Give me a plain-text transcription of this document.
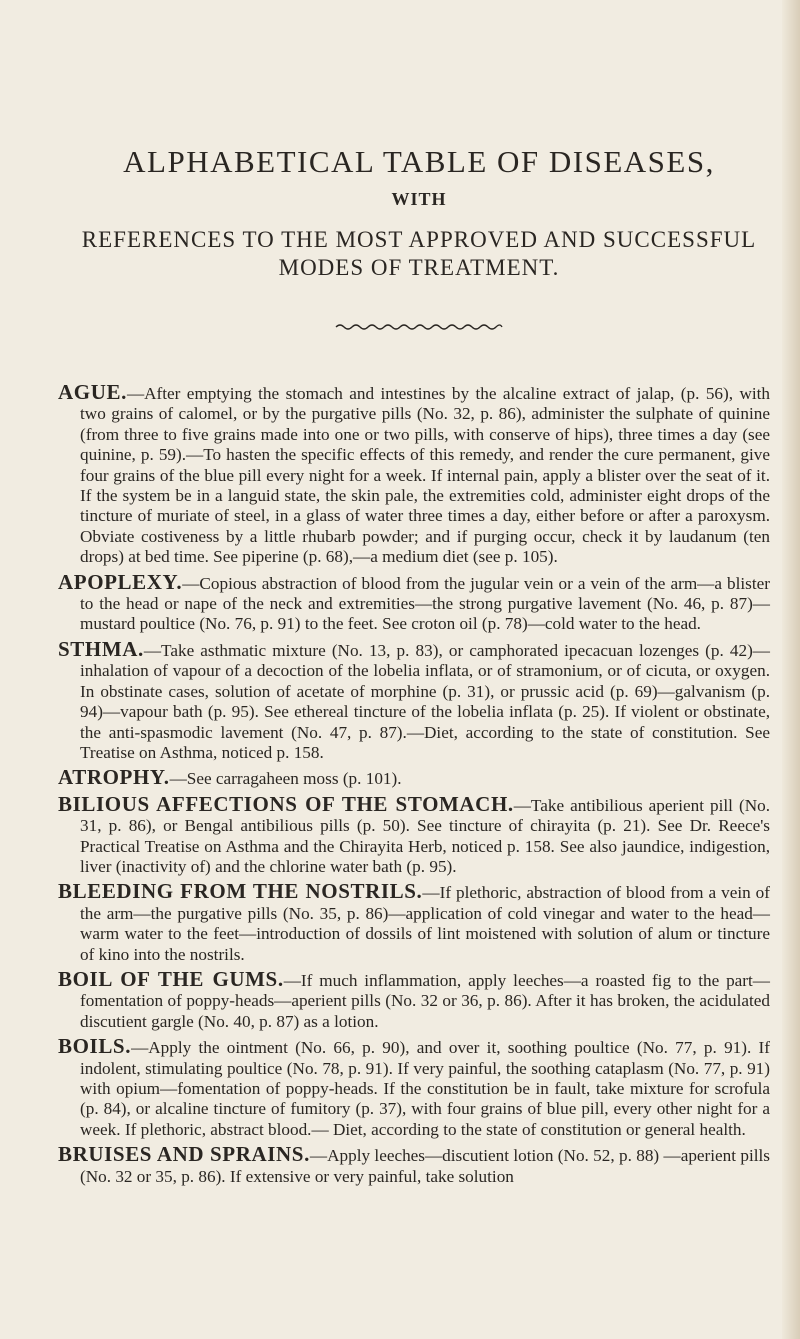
ALPHABETICAL TABLE OF DISEASES,
WITH
REFERENCES TO THE MOST APPROVED AND SUCCESSFUL MODES OF TREATMENT.

AGUE.—After emptying the stomach and intestines by the alcaline extract of jalap, (p. 56), with two grains of calomel, or by the purgative pills (No. 32, p. 86), administer the sulphate of quinine (from three to five grains made into one or two pills, with conserve of hips), three times a day (see quinine, p. 59).—To hasten the specific effects of this remedy, and render the cure permanent, give four grains of the blue pill every night for a week. If internal pain, apply a blister over the seat of it. If the system be in a languid state, the skin pale, the extremities cold, administer eight drops of the tincture of muriate of steel, in a glass of water three times a day, either before or after a paroxysm. Obviate costiveness by a little rhubarb powder; and if purging occur, check it by laudanum (ten drops) at bed time. See piperine (p. 68),—a medium diet (see p. 105).

APOPLEXY.—Copious abstraction of blood from the jugular vein or a vein of the arm—a blister to the head or nape of the neck and extremities—the strong purgative lavement (No. 46, p. 87)—mustard poultice (No. 76, p. 91) to the feet. See croton oil (p. 78)—cold water to the head.

STHMA.—Take asthmatic mixture (No. 13, p. 83), or camphorated ipecacuan lozenges (p. 42)—inhalation of vapour of a decoction of the lobelia inflata, or of stramonium, or of cicuta, or oxygen. In obstinate cases, solution of acetate of morphine (p. 31), or prussic acid (p. 69)—galvanism (p. 94)—vapour bath (p. 95). See ethereal tincture of the lobelia inflata (p. 25). If violent or obstinate, the anti-spasmodic lavement (No. 47, p. 87).—Diet, according to the state of constitution. See Treatise on Asthma, noticed p. 158.

ATROPHY.—See carragaheen moss (p. 101).

BILIOUS AFFECTIONS OF THE STOMACH.—Take antibilious aperient pill (No. 31, p. 86), or Bengal antibilious pills (p. 50). See tincture of chirayita (p. 21). See Dr. Reece's Practical Treatise on Asthma and the Chirayita Herb, noticed p. 158. See also jaundice, indigestion, liver (inactivity of) and the chlorine water bath (p. 95).

BLEEDING FROM THE NOSTRILS.—If plethoric, abstraction of blood from a vein of the arm—the purgative pills (No. 35, p. 86)—application of cold vinegar and water to the head—warm water to the feet—introduction of dossils of lint moistened with solution of alum or tincture of kino into the nostrils.

BOIL OF THE GUMS.—If much inflammation, apply leeches—a roasted fig to the part—fomentation of poppy-heads—aperient pills (No. 32 or 36, p. 86). After it has broken, the acidulated discutient gargle (No. 40, p. 87) as a lotion.

BOILS.—Apply the ointment (No. 66, p. 90), and over it, soothing poultice (No. 77, p. 91). If indolent, stimulating poultice (No. 78, p. 91). If very painful, the soothing cataplasm (No. 77, p. 91) with opium—fomentation of poppy-heads. If the constitution be in fault, take mixture for scrofula (p. 84), or alcaline tincture of fumitory (p. 37), with four grains of blue pill, every other night for a week. If plethoric, abstract blood.— Diet, according to the state of constitution or general health.

BRUISES AND SPRAINS.—Apply leeches—discutient lotion (No. 52, p. 88) —aperient pills (No. 32 or 35, p. 86). If extensive or very painful, take solution
